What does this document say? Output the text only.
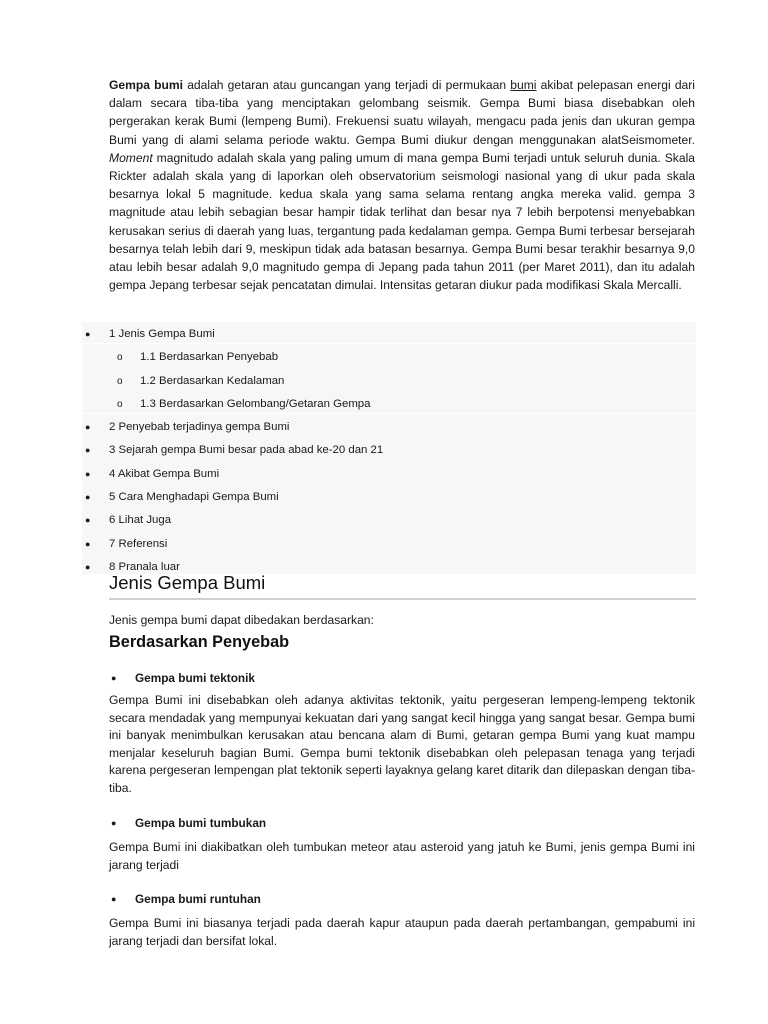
Gempa bumi adalah getaran atau guncangan yang terjadi di permukaan bumi akibat pelepasan energi dari dalam secara tiba-tiba yang menciptakan gelombang seismik. Gempa Bumi biasa disebabkan oleh pergerakan kerak Bumi (lempeng Bumi). Frekuensi suatu wilayah, mengacu pada jenis dan ukuran gempa Bumi yang di alami selama periode waktu. Gempa Bumi diukur dengan menggunakan alatSeismometer. Moment magnitudo adalah skala yang paling umum di mana gempa Bumi terjadi untuk seluruh dunia. Skala Rickter adalah skala yang di laporkan oleh observatorium seismologi nasional yang di ukur pada skala besarnya lokal 5 magnitude. kedua skala yang sama selama rentang angka mereka valid. gempa 3 magnitude atau lebih sebagian besar hampir tidak terlihat dan besar nya 7 lebih berpotensi menyebabkan kerusakan serius di daerah yang luas, tergantung pada kedalaman gempa. Gempa Bumi terbesar bersejarah besarnya telah lebih dari 9, meskipun tidak ada batasan besarnya. Gempa Bumi besar terakhir besarnya 9,0 atau lebih besar adalah 9,0 magnitudo gempa di Jepang pada tahun 2011 (per Maret 2011), dan itu adalah gempa Jepang terbesar sejak pencatatan dimulai. Intensitas getaran diukur pada modifikasi Skala Mercalli.

● 1 Jenis Gempa Bumi
o 1.1 Berdasarkan Penyebab
o 1.2 Berdasarkan Kedalaman
o 1.3 Berdasarkan Gelombang/Getaran Gempa
● 2 Penyebab terjadinya gempa Bumi
● 3 Sejarah gempa Bumi besar pada abad ke-20 dan 21
● 4 Akibat Gempa Bumi
● 5 Cara Menghadapi Gempa Bumi
● 6 Lihat Juga
● 7 Referensi
● 8 Pranala luar
Jenis Gempa Bumi

Jenis gempa bumi dapat dibedakan berdasarkan:

Berdasarkan Penyebab

● Gempa bumi tektonik

Gempa Bumi ini disebabkan oleh adanya aktivitas tektonik, yaitu pergeseran lempeng-lempeng tektonik secara mendadak yang mempunyai kekuatan dari yang sangat kecil hingga yang sangat besar. Gempa bumi ini banyak menimbulkan kerusakan atau bencana alam di Bumi, getaran gempa Bumi yang kuat mampu menjalar keseluruh bagian Bumi. Gempa bumi tektonik disebabkan oleh pelepasan tenaga yang terjadi karena pergeseran lempengan plat tektonik seperti layaknya gelang karet ditarik dan dilepaskan dengan tiba-tiba.

● Gempa bumi tumbukan

Gempa Bumi ini diakibatkan oleh tumbukan meteor atau asteroid yang jatuh ke Bumi, jenis gempa Bumi ini jarang terjadi

● Gempa bumi runtuhan

Gempa Bumi ini biasanya terjadi pada daerah kapur ataupun pada daerah pertambangan, gempabumi ini jarang terjadi dan bersifat lokal.
